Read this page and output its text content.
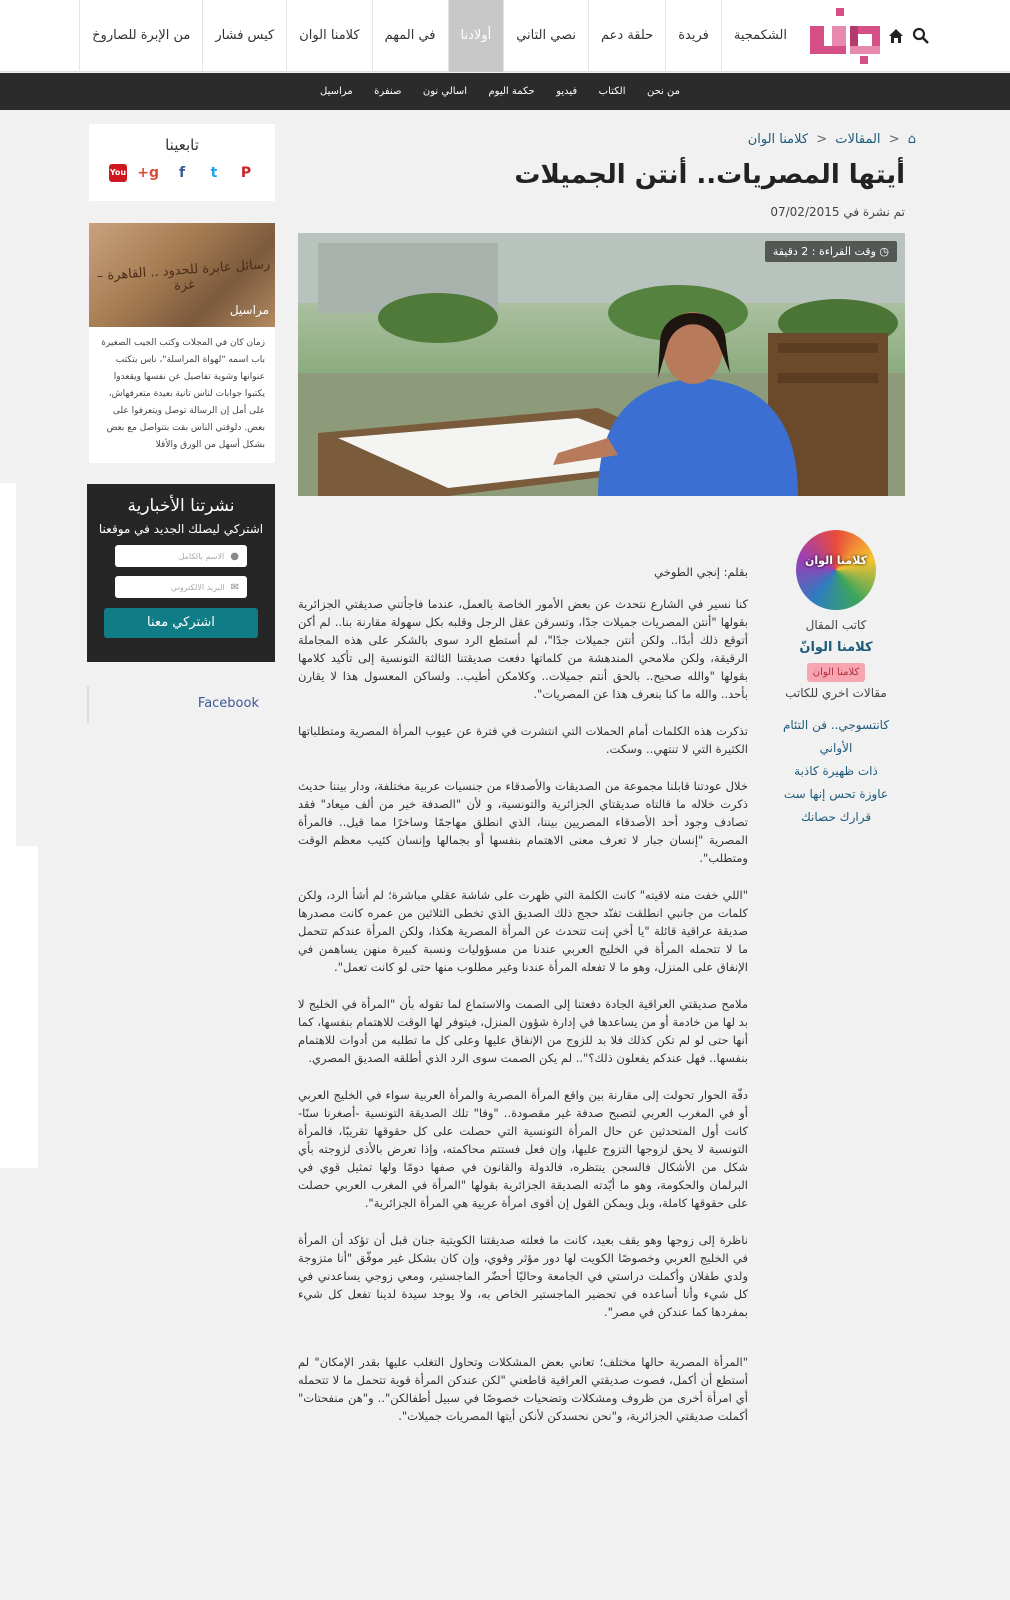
الشكمجية
فريدة
حلقة دعم
نصي التاني
أولادنا
في المهم
كلامنا الوان
كيس فشار
من الإبرة للصاروخ
من نحن
الكتاب
فيديو
حكمة اليوم
اسالي نون
صنفرة
مراسيل
تابعينا
P
t
f
g+
You
رسائل عابرة للحدود .. القاهرة – غزة
مراسيل
زمان كان في المجلات وكتب الجيب الصغيرة باب اسمه "لهواة المراسلة"، ناس بتكتب عنوانها وشوية تفاصيل عن نفسها ويقعدوا يكتبوا جوابات لناس تانية بعيدة متعرفهاش، على أمل إن الرسالة توصل ويتعرفوا على بعض. دلوقتي الناس بقت بتتواصل مع بعض بشكل أسهل من الورق والأقلا
نشرتنا الأخبارية
اشتركي ليصلك الجديد في موقعنا
●
الاسم بالكامل
✉
البريد الالكتروني
اشتركي معنا
Facebook
⌂ < المقالات < كلامنا الوان
أيتها المصريات.. أنتن الجميلات
تم نشرة في 07/02/2015
◷ وقت القراءة : 2 دقيقة
كلامنا الوان
كاتب المقال
كلامنا الوانّ
كلامنا الوان
مقالات اخري للكاتب
كانتسوجي.. فن التئام الأواني
ذات ظهيرة كاذبة
عاوزة تحس إنها ست
قرارك حصانك

بقلم: إنجي الطوخي

كنا نسير في الشارع نتحدث عن بعض الأمور الخاصة بالعمل، عندما فاجأتني صديقتي الجزائرية بقولها "أنتن المصريات جميلات جدًا، وتسرقن عقل الرجل وقلبه بكل سهولة مقارنة بنا.. لم أكن أتوقع ذلك أبدًا.. ولكن أنتن جميلات جدًا"، لم أستطع الرد سوى بالشكر على هذه المجاملة الرقيقة، ولكن ملامحي المندهشة من كلماتها دفعت صديقتنا الثالثة التونسية إلى تأكيد كلامها بقولها "والله صحيح.. بالحق أنتم جميلات.. وكلامكن أطيب.. ولساكن المعسول هذا لا يقارن بأحد.. والله ما كنا بنعرف هذا عن المصريات".

تذكرت هذه الكلمات أمام الحملات التي انتشرت في فترة عن عيوب المرأة المصرية ومتطلباتها الكثيرة التي لا تنتهي.. وسكت.

خلال عودتنا قابلنا مجموعة من الصديقات والأصدقاء من جنسيات عربية مختلفة، ودار بيننا حديث ذكرت خلاله ما قالتاه صديقتاي الجزائرية والتونسية، و لأن "الصدفة خير من ألف ميعاد" فقد تصادف وجود أحد الأصدقاء المصريين بيننا، الذي انطلق مهاجمًا وساخرًا مما قيل.. فالمرأة المصرية "إنسان جبار لا تعرف معنى الاهتمام بنفسها أو بجمالها وإنسان كئيب معظم الوقت ومتطلب".

"اللي خفت منه لاقيته" كانت الكلمة التي ظهرت على شاشة عقلي مباشرة؛ لم أشأ الرد، ولكن كلمات من جانبي انطلقت تفنّد حجج ذلك الصديق الذي تخطى الثلاثين من عمره كانت مصدرها صديقة عراقية قائلة "يا أخي إنت تتحدث عن المرأة المصرية هكذا، ولكن المرأة عندكم تتحمل ما لا تتحمله المرأة في الخليج العربي عندنا من مسؤوليات ونسبة كبيرة منهن يساهمن في الإنفاق على المنزل، وهو ما لا تفعله المرأة عندنا وغير مطلوب منها حتى لو كانت تعمل".

ملامح صديقتي العراقية الجادة دفعتنا إلى الصمت والاستماع لما تقوله بأن "المرأة في الخليج لا بد لها من خادمة أو من يساعدها في إدارة شؤون المنزل، فيتوفر لها الوقت للاهتمام بنفسها، كما أنها حتى لو لم تكن كذلك فلا بد للزوج من الإنفاق عليها وعلى كل ما تطلبه من أدوات للاهتمام بنفسها.. فهل عندكم يفعلون ذلك؟".. لم يكن الصمت سوى الرد الذي أطلقه الصديق المصري.

دفّة الحوار تحولت إلى مقارنة بين واقع المرأة المصرية والمرأة العربية سواء في الخليج العربي أو في المغرب العربي لتصبح صدفة غير مقصودة.. "وفا" تلك الصديقة التونسية -أصغرنا سنًا- كانت أول المتحدثين عن حال المرأة التونسية التي حصلت على كل حقوقها تقريبًا، فالمرأة التونسية لا يحق لزوجها التزوج عليها، وإن فعل فستتم محاكمته، وإذا تعرض بالأذى لزوجته بأي شكل من الأشكال فالسجن ينتظره، فالدولة والقانون في صفها دومًا ولها تمثيل قوي في البرلمان والحكومة، وهو ما أيّدته الصديقة الجزائرية بقولها "المرأة في المغرب العربي حصلت على حقوقها كاملة، وبل ويمكن القول إن أقوى امرأة عربية هي المرأة الجزائرية".

ناظرة إلى زوجها وهو يقف بعيد، كانت ما فعلته صديقتنا الكويتية جنان قبل أن تؤكد أن المرأة في الخليج العربي وخصوصًا الكويت لها دور مؤثر وقوي، وإن كان بشكل غير موفّق "أنا متزوجة ولدي طفلان وأكملت دراستي في الجامعة وحاليًا أحضّر الماجستير، ومعي زوجي يساعدني في كل شيء وأنا أساعده في تحضير الماجستير الخاص به، ولا يوجد سيدة لدينا تفعل كل شيء بمفردها كما عندكن في مصر".

"المرأة المصرية حالها مختلف؛ تعاني بعض المشكلات وتحاول التغلب عليها بقدر الإمكان" لم أستطع أن أكمل، فصوت صديقتي العراقية قاطعني "لكن عندكن المرأة قوية تتحمل ما لا تتحمله أي امرأة أخرى من ظروف ومشكلات وتضحيات خصوصًا في سبيل أطفالكن".. و"هن منفحتات" أكملت صديقتي الجزائرية، و"نحن نحسدكن لأنكن أيتها المصريات جميلات".
